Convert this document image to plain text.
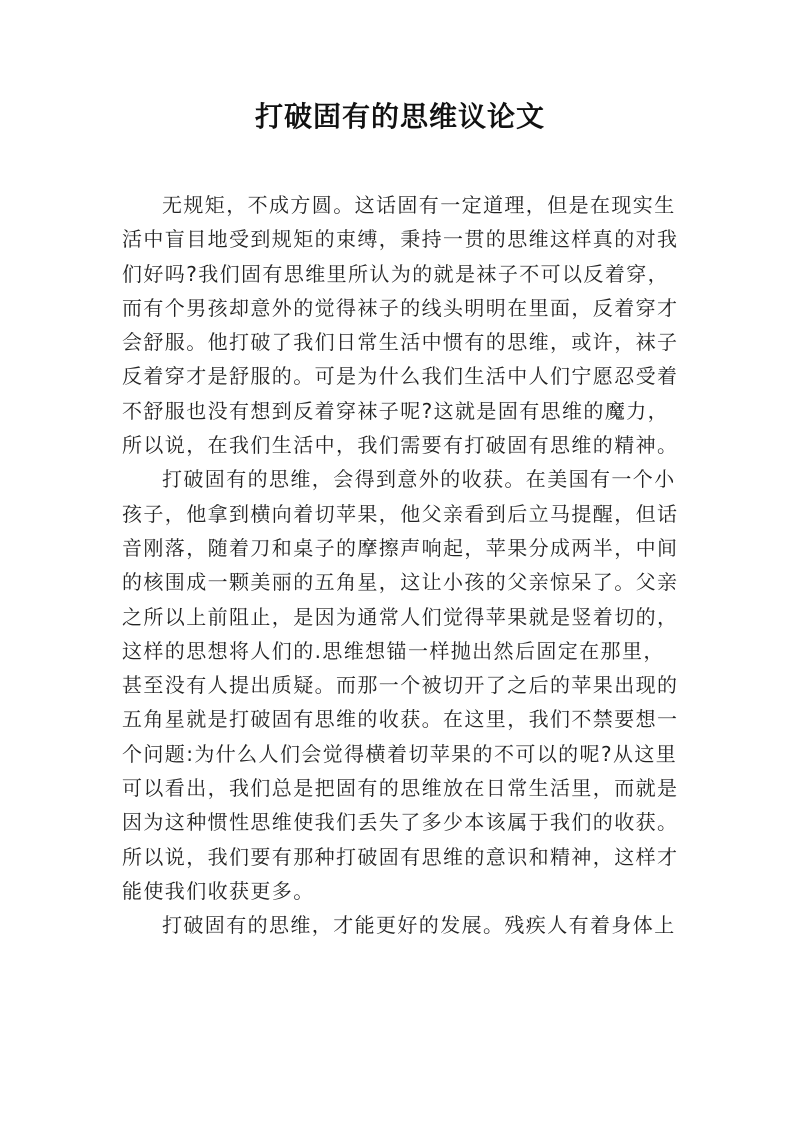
打破固有的思维议论文
无规矩，不成方圆。这话固有一定道理，但是在现实生
活中盲目地受到规矩的束缚，秉持一贯的思维这样真的对我
们好吗?我们固有思维里所认为的就是袜子不可以反着穿，
而有个男孩却意外的觉得袜子的线头明明在里面，反着穿才
会舒服。他打破了我们日常生活中惯有的思维，或许，袜子
反着穿才是舒服的。可是为什么我们生活中人们宁愿忍受着
不舒服也没有想到反着穿袜子呢?这就是固有思维的魔力，
所以说，在我们生活中，我们需要有打破固有思维的精神。
打破固有的思维，会得到意外的收获。在美国有一个小
孩子，他拿到横向着切苹果，他父亲看到后立马提醒，但话
音刚落，随着刀和桌子的摩擦声响起，苹果分成两半，中间
的核围成一颗美丽的五角星，这让小孩的父亲惊呆了。父亲
之所以上前阻止，是因为通常人们觉得苹果就是竖着切的，
这样的思想将人们的.思维想锚一样抛出然后固定在那里，
甚至没有人提出质疑。而那一个被切开了之后的苹果出现的
五角星就是打破固有思维的收获。在这里，我们不禁要想一
个问题:为什么人们会觉得横着切苹果的不可以的呢?从这里
可以看出，我们总是把固有的思维放在日常生活里，而就是
因为这种惯性思维使我们丢失了多少本该属于我们的收获。
所以说，我们要有那种打破固有思维的意识和精神，这样才
能使我们收获更多。
打破固有的思维，才能更好的发展。残疾人有着身体上
